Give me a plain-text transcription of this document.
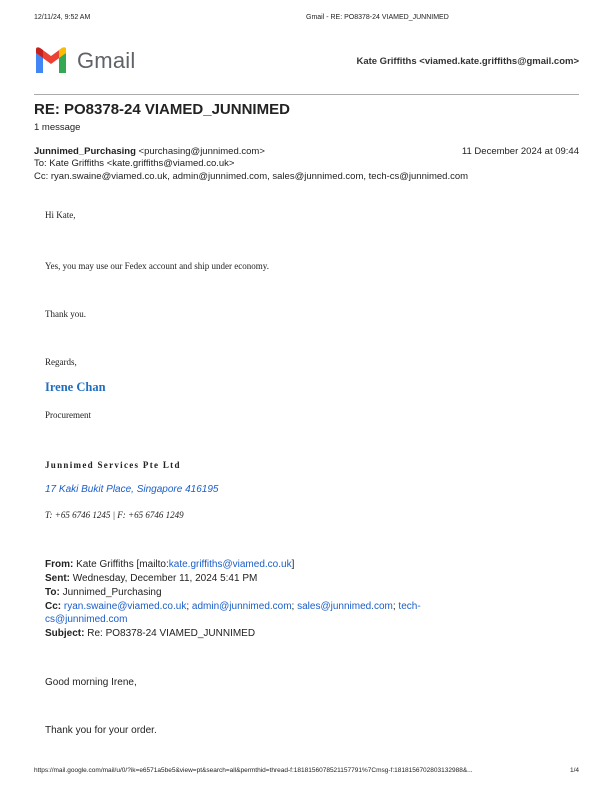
12/11/24, 9:52 AM	Gmail - RE: PO8378-24 VIAMED_JUNNIMED
Gmail	Kate Griffiths <viamed.kate.griffiths@gmail.com>
RE: PO8378-24 VIAMED_JUNNIMED
1 message
Junnimed_Purchasing <purchasing@junnimed.com>	11 December 2024 at 09:44
To: Kate Griffiths <kate.griffiths@viamed.co.uk>
Cc: ryan.swaine@viamed.co.uk, admin@junnimed.com, sales@junnimed.com, tech-cs@junnimed.com
Hi Kate,
Yes, you may use our Fedex account and ship under economy.
Thank you.
Regards,
Irene Chan
Procurement
Junnimed Services Pte Ltd
17 Kaki Bukit Place, Singapore 416195
T: +65 6746 1245 | F: +65 6746 1249
From: Kate Griffiths [mailto:kate.griffiths@viamed.co.uk]
Sent: Wednesday, December 11, 2024 5:41 PM
To: Junnimed_Purchasing
Cc: ryan.swaine@viamed.co.uk; admin@junnimed.com; sales@junnimed.com; tech-
cs@junnimed.com
Subject: Re: PO8378-24 VIAMED_JUNNIMED
Good morning Irene,
Thank you for your order.
https://mail.google.com/mail/u/0/?ik=e6571a5be5&view=pt&search=all&permthid=thread-f:1818156078521157791%7Cmsg-f:1818156702803132988&...	1/4
